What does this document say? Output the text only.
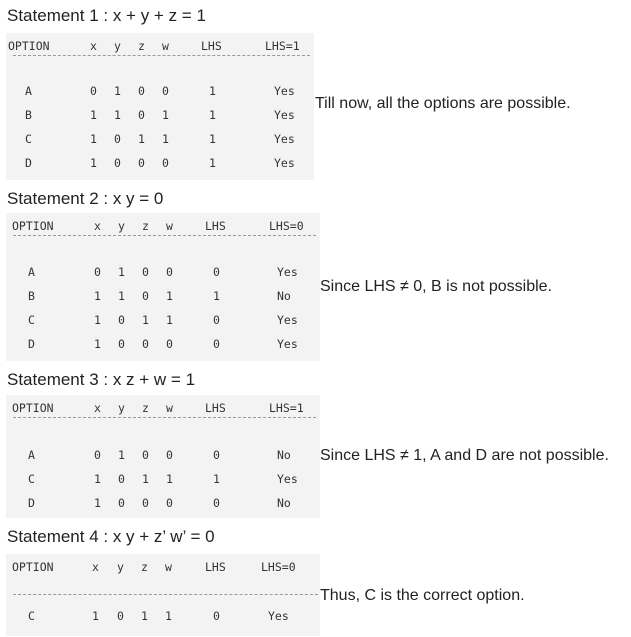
Statement 1 : x + y + z = 1
OPTION	x y z w	LHS	LHS=1
A	0 1 0 0	1	Yes
B	1 1 0 1	1	Yes
C	1 0 1 1	1	Yes
D	1 0 0 0	1	Yes
Till now, all the options are possible.
Statement 2 : x y = 0
OPTION	x y z w	LHS	LHS=0
A	0 1 0 0	0	Yes
B	1 1 0 1	1	No
C	1 0 1 1	0	Yes
D	1 0 0 0	0	Yes
Since LHS ≠ 0, B is not possible.
Statement 3 : x z + w = 1
OPTION	x y z w	LHS	LHS=1
A	0 1 0 0	0	No
C	1 0 1 1	1	Yes
D	1 0 0 0	0	No
Since LHS ≠ 1, A and D are not possible.
Statement 4 : x y + z’ w’ = 0
OPTION	x y z w	LHS	LHS=0
C	1 0 1 1	0	Yes
Thus, C is the correct option.
